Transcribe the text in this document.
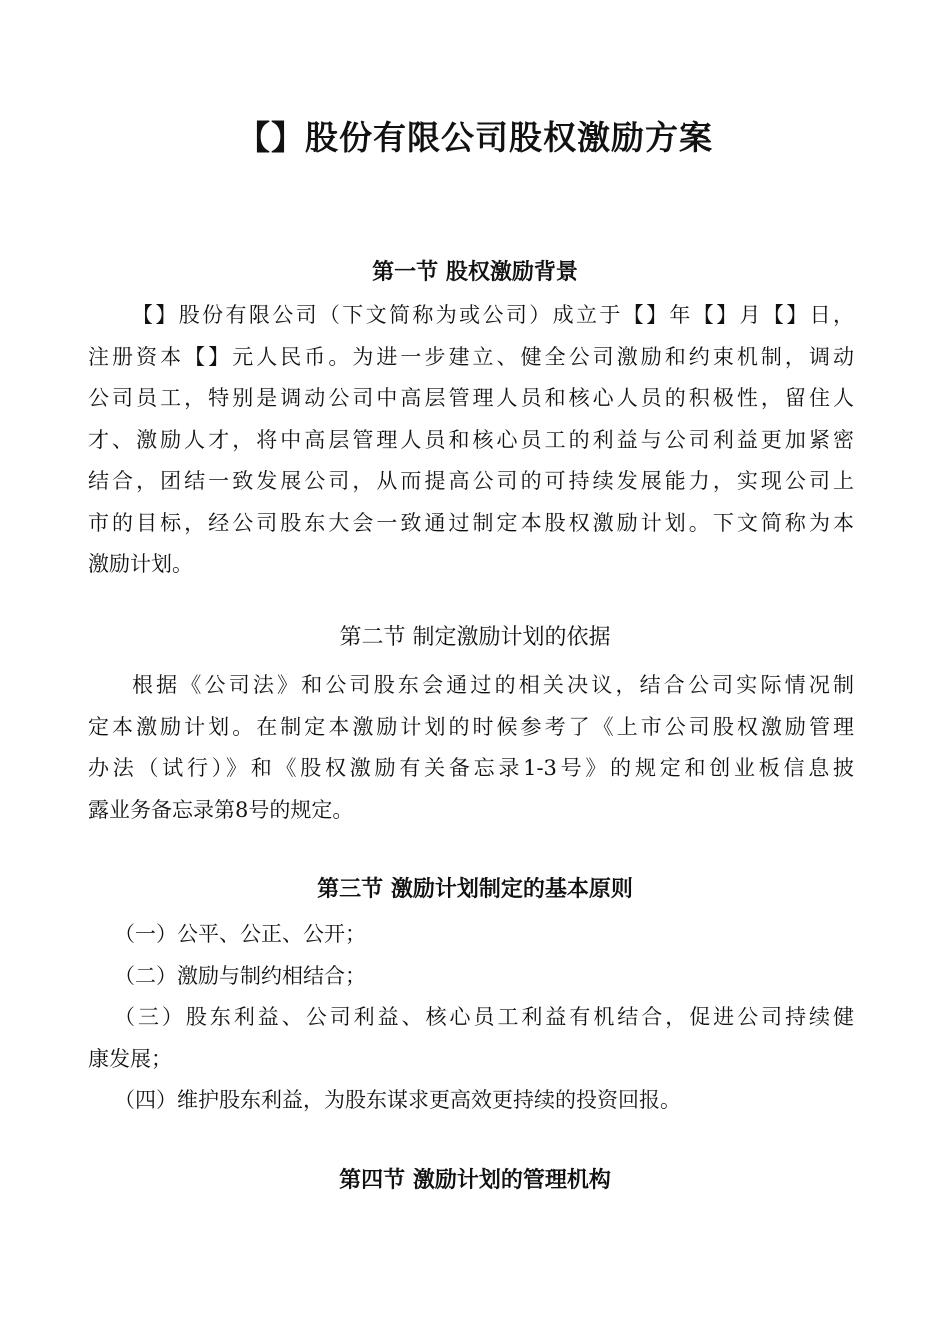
【】股份有限公司股权激励方案
第一节 股权激励背景
【】股份有限公司（下文简称为或公司）成立于【】年【】月【】日，
注册资本【】元人民币。为进一步建立、健全公司激励和约束机制，调动
公司员工，特别是调动公司中高层管理人员和核心人员的积极性，留住人
才、激励人才，将中高层管理人员和核心员工的利益与公司利益更加紧密
结合，团结一致发展公司，从而提高公司的可持续发展能力，实现公司上
市的目标，经公司股东大会一致通过制定本股权激励计划。下文简称为本
激励计划。
第二节 制定激励计划的依据
根据《公司法》和公司股东会通过的相关决议，结合公司实际情况制
定本激励计划。在制定本激励计划的时候参考了《上市公司股权激励管理
办法（试行）》和《股权激励有关备忘录1-3号》的规定和创业板信息披
露业务备忘录第8号的规定。
第三节 激励计划制定的基本原则
（一）公平、公正、公开；
（二）激励与制约相结合；
（三）股东利益、公司利益、核心员工利益有机结合，促进公司持续健
康发展；
（四）维护股东利益，为股东谋求更高效更持续的投资回报。
第四节 激励计划的管理机构
